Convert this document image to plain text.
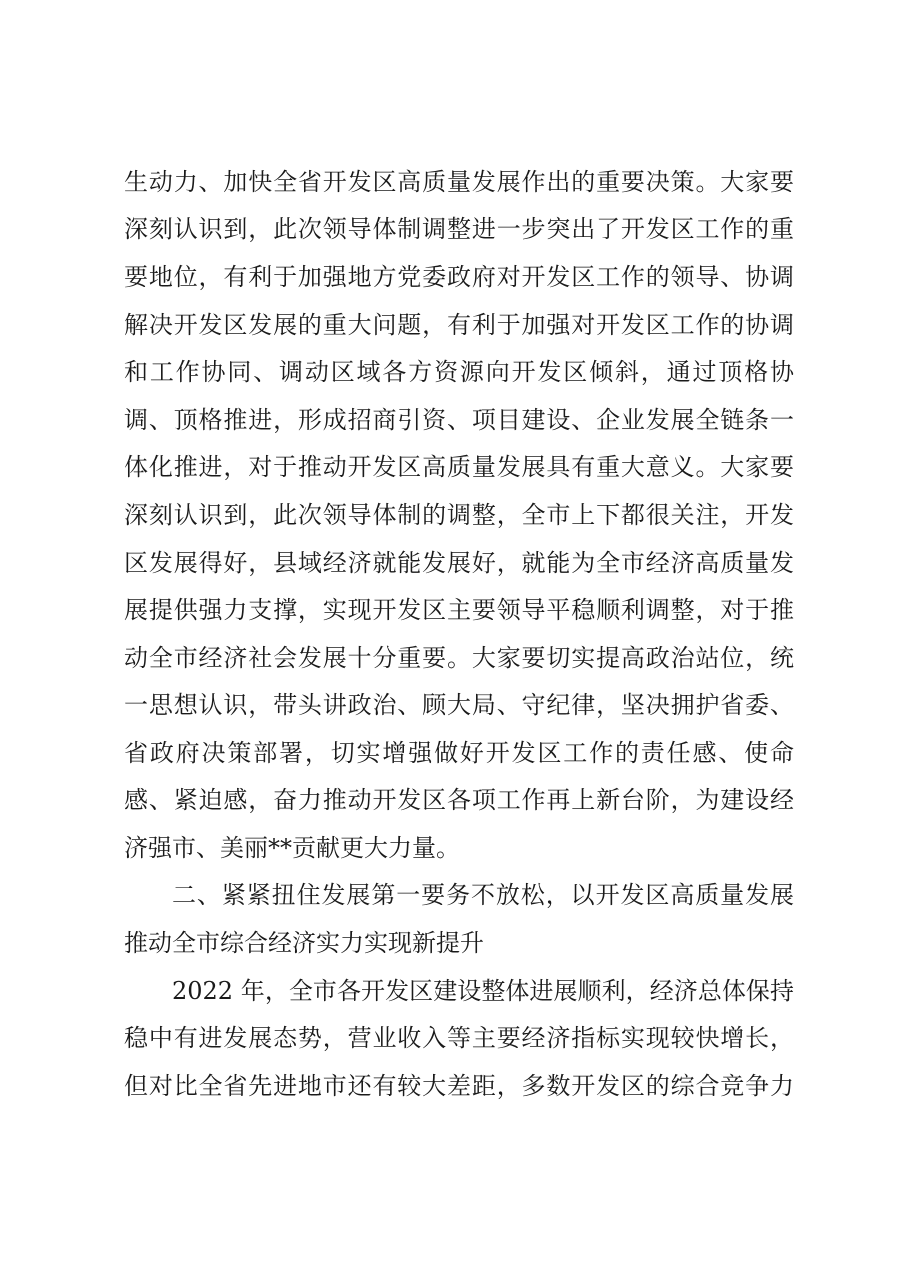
生动力、加快全省开发区高质量发展作出的重要决策。大家要
深刻认识到，此次领导体制调整进一步突出了开发区工作的重
要地位，有利于加强地方党委政府对开发区工作的领导、协调
解决开发区发展的重大问题，有利于加强对开发区工作的协调
和工作协同、调动区域各方资源向开发区倾斜，通过顶格协
调、顶格推进，形成招商引资、项目建设、企业发展全链条一
体化推进，对于推动开发区高质量发展具有重大意义。大家要
深刻认识到，此次领导体制的调整，全市上下都很关注，开发
区发展得好，县域经济就能发展好，就能为全市经济高质量发
展提供强力支撑，实现开发区主要领导平稳顺利调整，对于推
动全市经济社会发展十分重要。大家要切实提高政治站位，统
一思想认识，带头讲政治、顾大局、守纪律，坚决拥护省委、
省政府决策部署，切实增强做好开发区工作的责任感、使命
感、紧迫感，奋力推动开发区各项工作再上新台阶，为建设经
济强市、美丽**贡献更大力量。
二、紧紧扭住发展第一要务不放松，以开发区高质量发展
推动全市综合经济实力实现新提升
2022 年，全市各开发区建设整体进展顺利，经济总体保持
稳中有进发展态势，营业收入等主要经济指标实现较快增长，
但对比全省先进地市还有较大差距，多数开发区的综合竞争力
